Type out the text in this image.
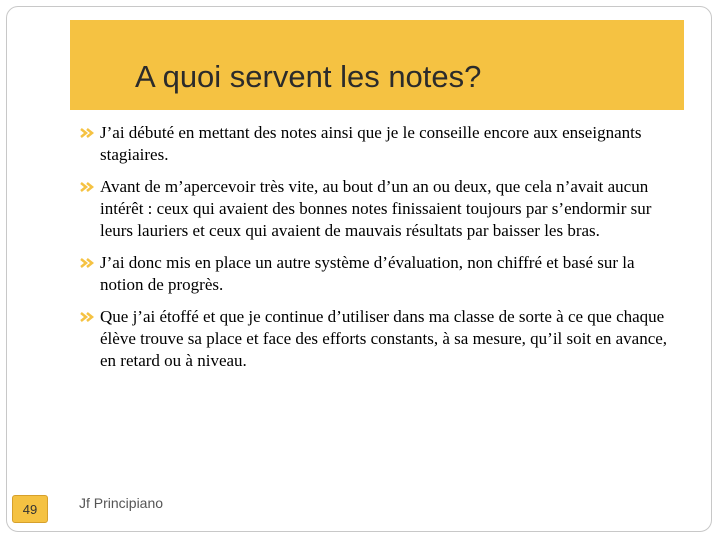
A quoi servent les notes?
J’ai débuté en mettant des notes ainsi que je le conseille encore aux enseignants stagiaires.
Avant de m’apercevoir très vite, au bout d’un an ou deux, que cela n’avait aucun intérêt : ceux qui avaient des bonnes notes finissaient toujours par s’endormir sur leurs lauriers et ceux qui avaient de mauvais résultats par baisser les bras.
J’ai donc mis en place un autre système d’évaluation, non chiffré et basé sur la notion de progrès.
Que j’ai étoffé et que je continue d’utiliser dans ma classe de sorte à ce que chaque élève trouve sa place et face des efforts constants, à sa mesure, qu’il soit en avance, en retard ou à niveau.
49	Jf Principiano
